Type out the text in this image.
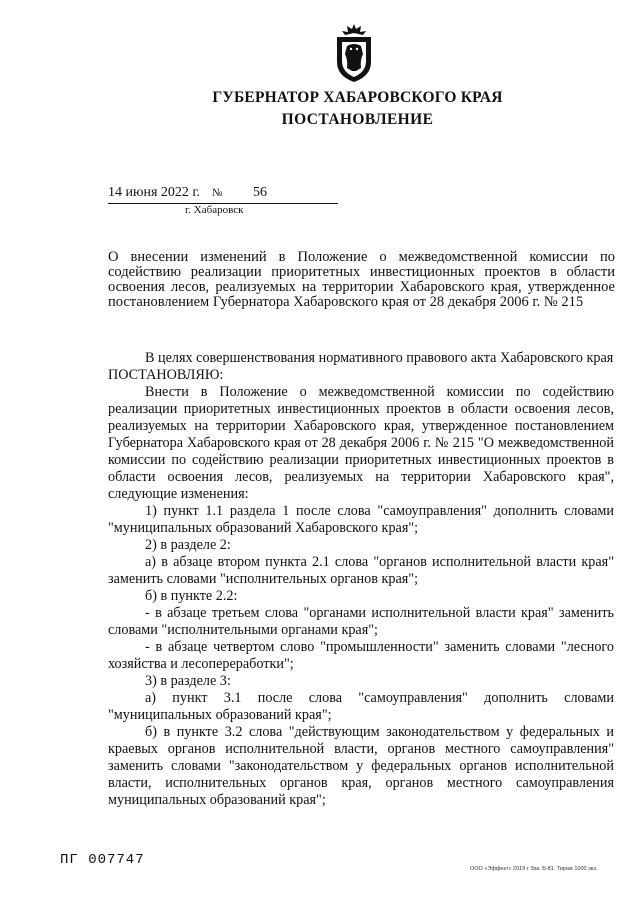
ГУБЕРНАТОР ХАБАРОВСКОГО КРАЯ
ПОСТАНОВЛЕНИЕ
14 июня 2022 г. № 56
г. Хабаровск
О внесении изменений в Положение о межведомственной комиссии по содействию реализации приоритетных инвестиционных проектов в области освоения лесов, реализуемых на территории Хабаровского края, утвержденное постановлением Губернатора Хабаровского края от 28 декабря 2006 г. № 215

В целях совершенствования нормативного правового акта Хабаровского края

ПОСТАНОВЛЯЮ:

Внести в Положение о межведомственной комиссии по содействию реализации приоритетных инвестиционных проектов в области освоения лесов, реализуемых на территории Хабаровского края, утвержденное постановлением Губернатора Хабаровского края от 28 декабря 2006 г. № 215 "О межведомственной комиссии по содействию реализации приоритетных инвестиционных проектов в области освоения лесов, реализуемых на территории Хабаровского края", следующие изменения:

1) пункт 1.1 раздела 1 после слова "самоуправления" дополнить словами "муниципальных образований Хабаровского края";

2) в разделе 2:

а) в абзаце втором пункта 2.1 слова "органов исполнительной власти края" заменить словами "исполнительных органов края";

б) в пункте 2.2:

- в абзаце третьем слова "органами исполнительной власти края" заменить словами "исполнительными органами края";

- в абзаце четвертом слово "промышленности" заменить словами "лесного хозяйства и лесопереработки";

3) в разделе 3:

а) пункт 3.1 после слова "самоуправления" дополнить словами "муниципальных образований края";

б) в пункте 3.2 слова "действующим законодательством у федеральных и краевых органов исполнительной власти, органов местного самоуправления" заменить словами "законодательством у федеральных органов исполнительной власти, исполнительных органов края, органов местного самоуправления муниципальных образований края";

ПГ 007747
ООО «Эффект» 2019 г Зак. Б-81. Тираж 1000 экз.
